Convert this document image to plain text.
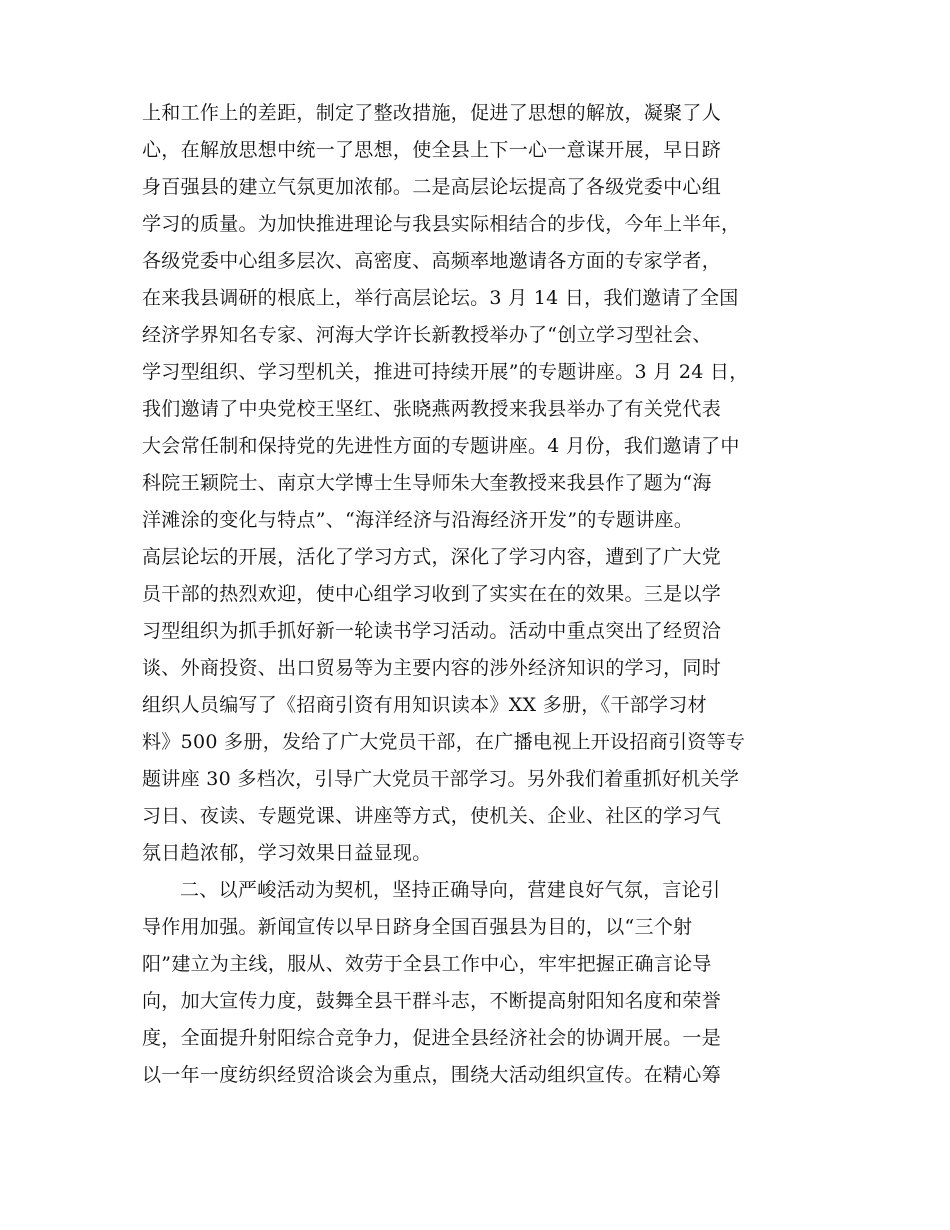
上和工作上的差距，制定了整改措施，促进了思想的解放，凝聚了人
心，在解放思想中统一了思想，使全县上下一心一意谋开展，早日跻
身百强县的建立气氛更加浓郁。二是高层论坛提高了各级党委中心组
学习的质量。为加快推进理论与我县实际相结合的步伐，今年上半年，
各级党委中心组多层次、高密度、高频率地邀请各方面的专家学者，
在来我县调研的根底上，举行高层论坛。3 月 14 日，我们邀请了全国
经济学界知名专家、河海大学许长新教授举办了“创立学习型社会、
学习型组织、学习型机关，推进可持续开展”的专题讲座。3 月 24 日，
我们邀请了中央党校王坚红、张晓燕两教授来我县举办了有关党代表
大会常任制和保持党的先进性方面的专题讲座。4 月份，我们邀请了中
科院王颖院士、南京大学博士生导师朱大奎教授来我县作了题为“海
洋滩涂的变化与特点”、“海洋经济与沿海经济开发”的专题讲座。
高层论坛的开展，活化了学习方式，深化了学习内容，遭到了广大党
员干部的热烈欢迎，使中心组学习收到了实实在在的效果。三是以学
习型组织为抓手抓好新一轮读书学习活动。活动中重点突出了经贸洽
谈、外商投资、出口贸易等为主要内容的涉外经济知识的学习，同时
组织人员编写了《招商引资有用知识读本》XX 多册，《干部学习材
料》500 多册，发给了广大党员干部，在广播电视上开设招商引资等专
题讲座 30 多档次，引导广大党员干部学习。另外我们着重抓好机关学
习日、夜读、专题党课、讲座等方式，使机关、企业、社区的学习气
氛日趋浓郁，学习效果日益显现。
二、以严峻活动为契机，坚持正确导向，营建良好气氛，言论引
导作用加强。新闻宣传以早日跻身全国百强县为目的，以“三个射
阳”建立为主线，服从、效劳于全县工作中心，牢牢把握正确言论导
向，加大宣传力度，鼓舞全县干群斗志，不断提高射阳知名度和荣誉
度，全面提升射阳综合竞争力，促进全县经济社会的协调开展。一是
以一年一度纺织经贸洽谈会为重点，围绕大活动组织宣传。在精心筹
